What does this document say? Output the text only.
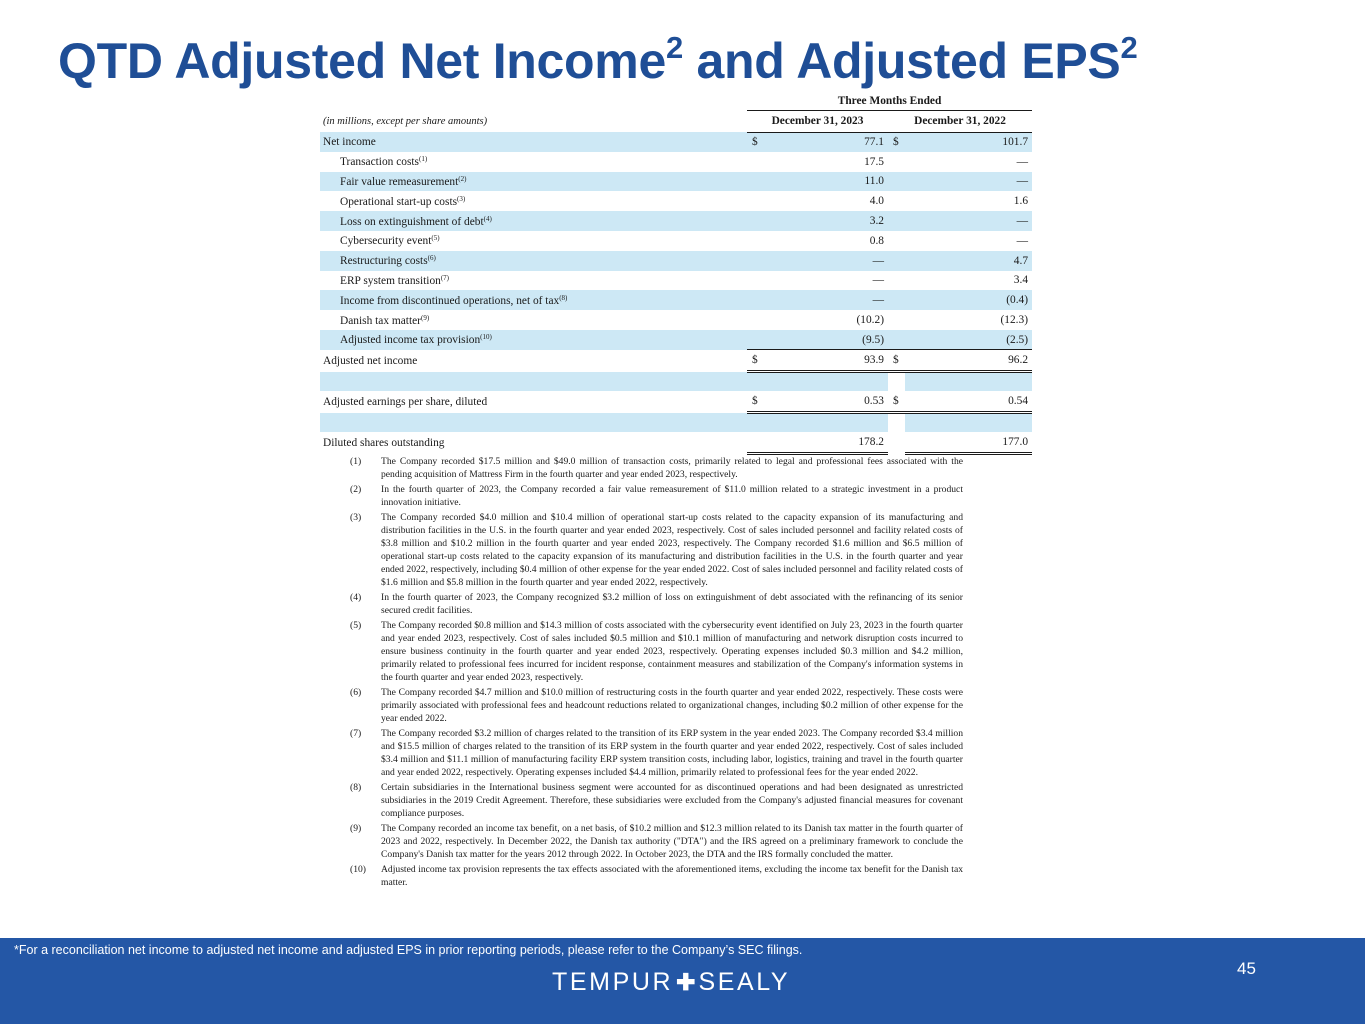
QTD Adjusted Net Income$^2$ and Adjusted EPS$^2$
	Three Months Ended			
(in millions, except per share amounts)	December 31, 2023		December 31, 2022	
Net income	$	77.1	$	101.7
Transaction costs$^{(1)}$		17.5		—
Fair value remeasurement$^{(2)}$		11.0		—
Operational start-up costs$^{(3)}$		4.0		1.6
Loss on extinguishment of debt$^{(4)}$		3.2		—
Cybersecurity event$^{(5)}$		0.8		—
Restructuring costs$^{(6)}$		—		4.7
ERP system transition$^{(7)}$		—		3.4
Income from discontinued operations, net of tax$^{(8)}$		—		(0.4)
Danish tax matter$^{(9)}$		(10.2)		(12.3)
Adjusted income tax provision$^{(10)}$		(9.5)		(2.5)
Adjusted net income	$	93.9	$	96.2

Adjusted earnings per share, diluted	$	0.53	$	0.54

Diluted shares outstanding		178.2		177.0
(1)	The Company recorded $17.5 million and $49.0 million of transaction costs, primarily related to legal and professional fees associated with the pending acquisition of Mattress Firm in the fourth quarter and year ended 2023, respectively.
(2)	In the fourth quarter of 2023, the Company recorded a fair value remeasurement of $11.0 million related to a strategic investment in a product innovation initiative.
(3)	The Company recorded $4.0 million and $10.4 million of operational start-up costs related to the capacity expansion of its manufacturing and distribution facilities in the U.S. in the fourth quarter and year ended 2023, respectively. Cost of sales included personnel and facility related costs of $3.8 million and $10.2 million in the fourth quarter and year ended 2023, respectively. The Company recorded $1.6 million and $6.5 million of operational start-up costs related to the capacity expansion of its manufacturing and distribution facilities in the U.S. in the fourth quarter and year ended 2022, respectively, including $0.4 million of other expense for the year ended 2022. Cost of sales included personnel and facility related costs of $1.6 million and $5.8 million in the fourth quarter and year ended 2022, respectively.
(4)	In the fourth quarter of 2023, the Company recognized $3.2 million of loss on extinguishment of debt associated with the refinancing of its senior secured credit facilities.
(5)	The Company recorded $0.8 million and $14.3 million of costs associated with the cybersecurity event identified on July 23, 2023 in the fourth quarter and year ended 2023, respectively. Cost of sales included $0.5 million and $10.1 million of manufacturing and network disruption costs incurred to ensure business continuity in the fourth quarter and year ended 2023, respectively. Operating expenses included $0.3 million and $4.2 million, primarily related to professional fees incurred for incident response, containment measures and stabilization of the Company's information systems in the fourth quarter and year ended 2023, respectively.
(6)	The Company recorded $4.7 million and $10.0 million of restructuring costs in the fourth quarter and year ended 2022, respectively. These costs were primarily associated with professional fees and headcount reductions related to organizational changes, including $0.2 million of other expense for the year ended 2022.
(7)	The Company recorded $3.2 million of charges related to the transition of its ERP system in the year ended 2023. The Company recorded $3.4 million and $15.5 million of charges related to the transition of its ERP system in the fourth quarter and year ended 2022, respectively. Cost of sales included $3.4 million and $11.1 million of manufacturing facility ERP system transition costs, including labor, logistics, training and travel in the fourth quarter and year ended 2022, respectively. Operating expenses included $4.4 million, primarily related to professional fees for the year ended 2022.
(8)	Certain subsidiaries in the International business segment were accounted for as discontinued operations and had been designated as unrestricted subsidiaries in the 2019 Credit Agreement. Therefore, these subsidiaries were excluded from the Company's adjusted financial measures for covenant compliance purposes.
(9)	The Company recorded an income tax benefit, on a net basis, of $10.2 million and $12.3 million related to its Danish tax matter in the fourth quarter of 2023 and 2022, respectively. In December 2022, the Danish tax authority ("DTA") and the IRS agreed on a preliminary framework to conclude the Company's Danish tax matter for the years 2012 through 2022. In October 2023, the DTA and the IRS formally concluded the matter.
(10)	Adjusted income tax provision represents the tax effects associated with the aforementioned items, excluding the income tax benefit for the Danish tax matter.
*For a reconciliation net income to adjusted net income and adjusted EPS in prior reporting periods, please refer to the Company’s SEC filings.
TEMPUR ✚ SEALY	45
